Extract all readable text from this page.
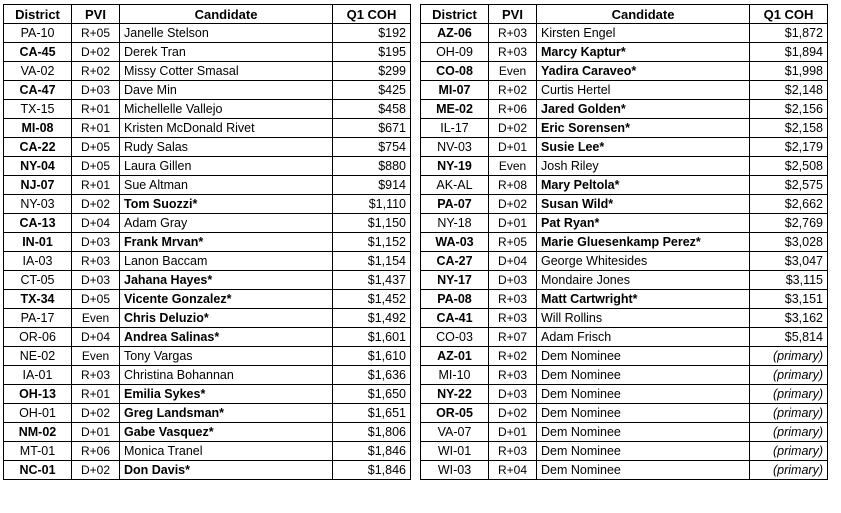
District	PVI	Candidate	Q1 COH
PA-10	R+05	Janelle Stelson	$192
CA-45	D+02	Derek Tran	$195
VA-02	R+02	Missy Cotter Smasal	$299
CA-47	D+03	Dave Min	$425
TX-15	R+01	Michellelle Vallejo	$458
MI-08	R+01	Kristen McDonald Rivet	$671
CA-22	D+05	Rudy Salas	$754
NY-04	D+05	Laura Gillen	$880
NJ-07	R+01	Sue Altman	$914
NY-03	D+02	Tom Suozzi*	$1,110
CA-13	D+04	Adam Gray	$1,150
IN-01	D+03	Frank Mrvan*	$1,152
IA-03	R+03	Lanon Baccam	$1,154
CT-05	D+03	Jahana Hayes*	$1,437
TX-34	D+05	Vicente Gonzalez*	$1,452
PA-17	Even	Chris Deluzio*	$1,492
OR-06	D+04	Andrea Salinas*	$1,601
NE-02	Even	Tony Vargas	$1,610
IA-01	R+03	Christina Bohannan	$1,636
OH-13	R+01	Emilia Sykes*	$1,650
OH-01	D+02	Greg Landsman*	$1,651
NM-02	D+01	Gabe Vasquez*	$1,806
MT-01	R+06	Monica Tranel	$1,846
NC-01	D+02	Don Davis*	$1,846
District	PVI	Candidate	Q1 COH
AZ-06	R+03	Kirsten Engel	$1,872
OH-09	R+03	Marcy Kaptur*	$1,894
CO-08	Even	Yadira Caraveo*	$1,998
MI-07	R+02	Curtis Hertel	$2,148
ME-02	R+06	Jared Golden*	$2,156
IL-17	D+02	Eric Sorensen*	$2,158
NV-03	D+01	Susie Lee*	$2,179
NY-19	Even	Josh Riley	$2,508
AK-AL	R+08	Mary Peltola*	$2,575
PA-07	D+02	Susan Wild*	$2,662
NY-18	D+01	Pat Ryan*	$2,769
WA-03	R+05	Marie Gluesenkamp Perez*	$3,028
CA-27	D+04	George Whitesides	$3,047
NY-17	D+03	Mondaire Jones	$3,115
PA-08	R+03	Matt Cartwright*	$3,151
CA-41	R+03	Will Rollins	$3,162
CO-03	R+07	Adam Frisch	$5,814
AZ-01	R+02	Dem Nominee	(primary)
MI-10	R+03	Dem Nominee	(primary)
NY-22	D+03	Dem Nominee	(primary)
OR-05	D+02	Dem Nominee	(primary)
VA-07	D+01	Dem Nominee	(primary)
WI-01	R+03	Dem Nominee	(primary)
WI-03	R+04	Dem Nominee	(primary)
